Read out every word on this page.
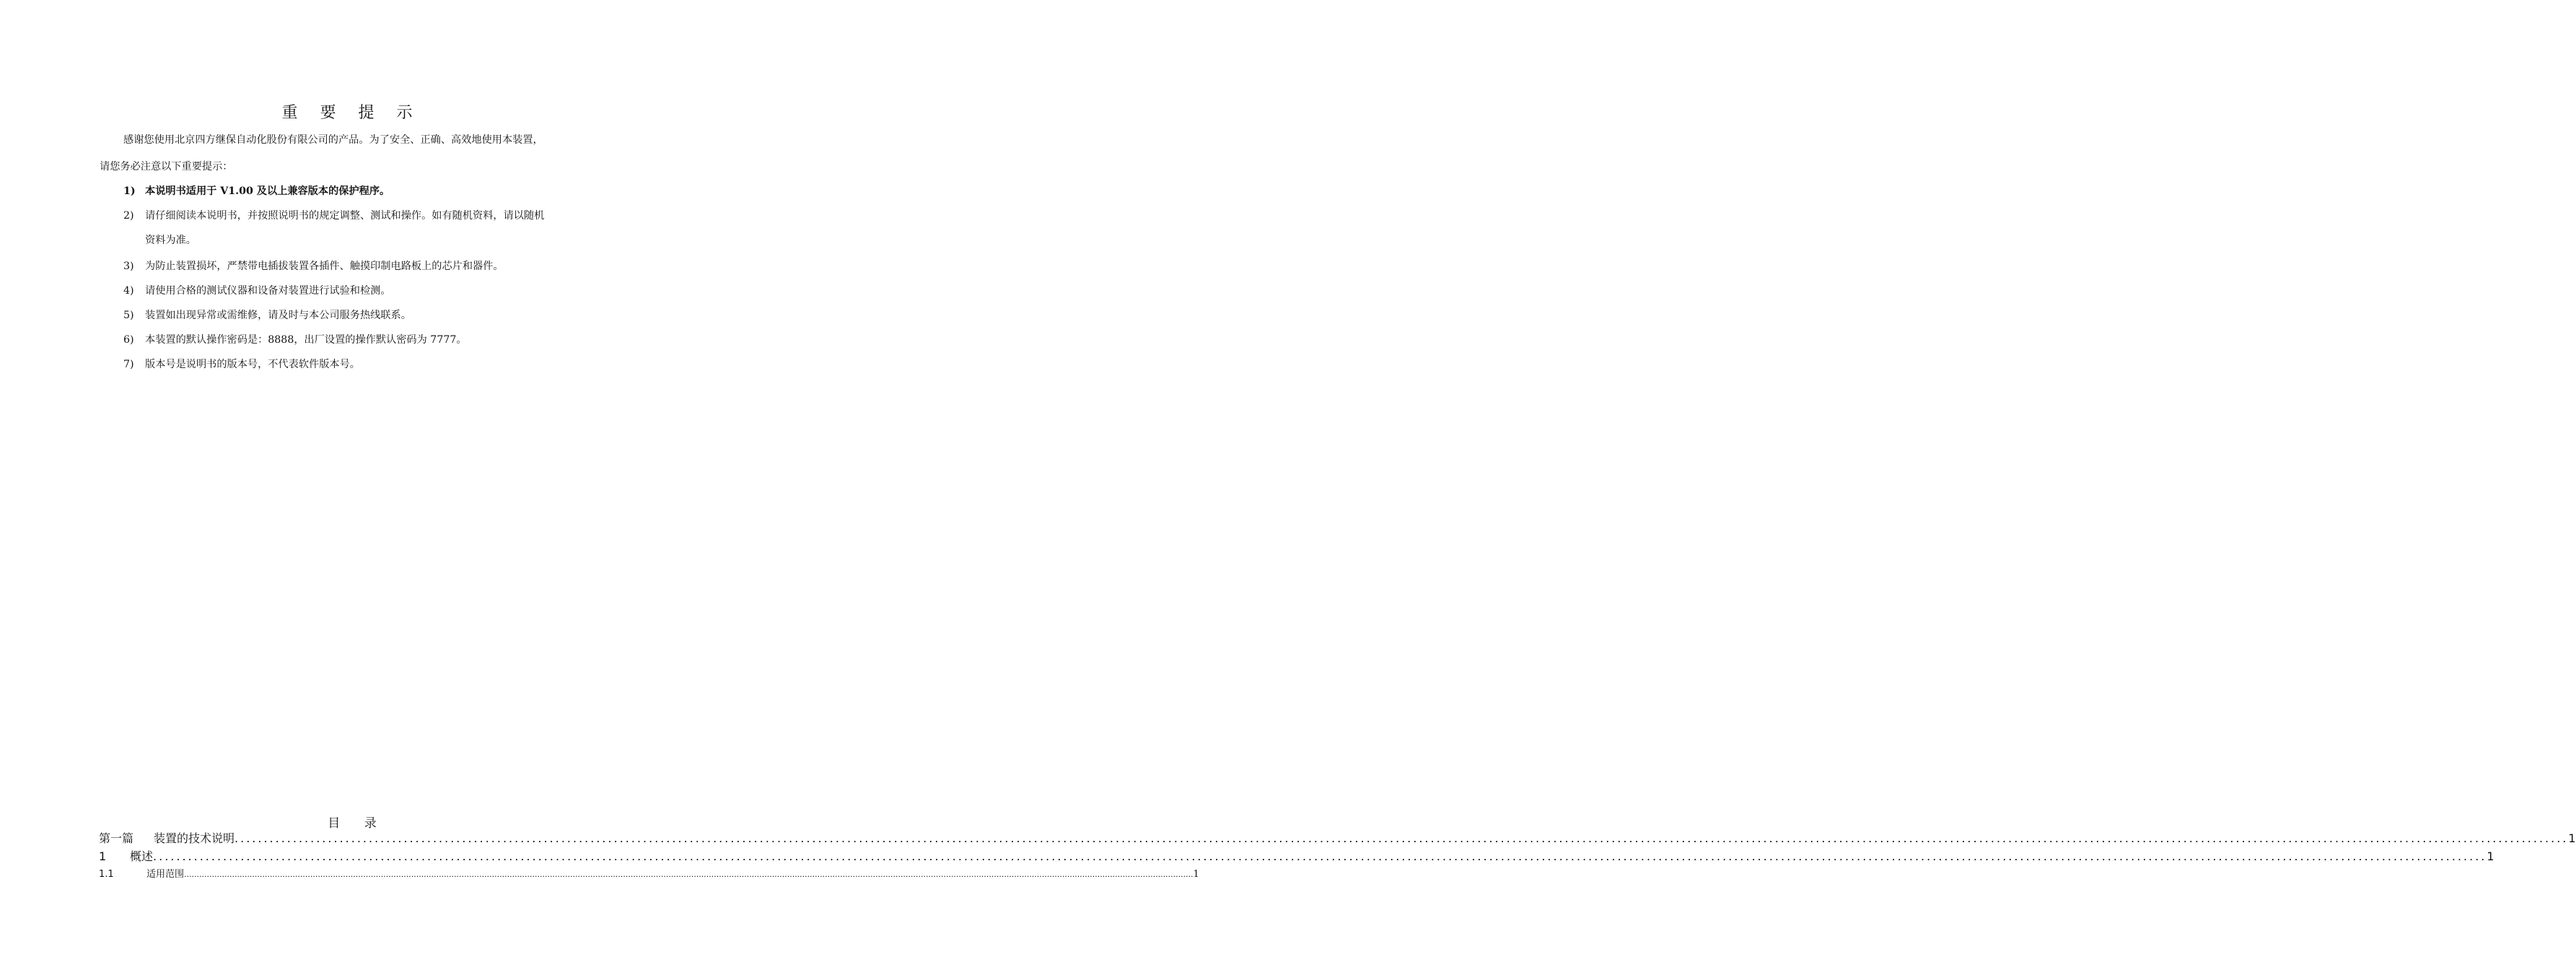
重 要 提 示
感谢您使用北京四方继保自动化股份有限公司的产品。为了安全、正确、高效地使用本装置，
请您务必注意以下重要提示：
1) 本说明书适用于 V1.00 及以上兼容版本的保护程序。
2)	请仔细阅读本说明书，并按照说明书的规定调整、测试和操作。如有随机资料，请以随机
资料为准。
3)	为防止装置损坏，严禁带电插拔装置各插件、触摸印制电路板上的芯片和器件。
4)	请使用合格的测试仪器和设备对装置进行试验和检测。
5)	装置如出现异常或需维修，请及时与本公司服务热线联系。
6)	本装置的默认操作密码是：8888，出厂设置的操作默认密码为 7777。
7)	版本号是说明书的版本号，不代表软件版本号。
目 录
第一篇	装置的技术说明 ................................................................................................................................................................................................................................................................................................................................................................................................................ 1
1	概述 ................................................................................................................................................................................................................................................................................................................................................................................................................ 1
1.1	适用范围 ................................................................................................................................................................................................................................................................................................................................................................................................................ 1
